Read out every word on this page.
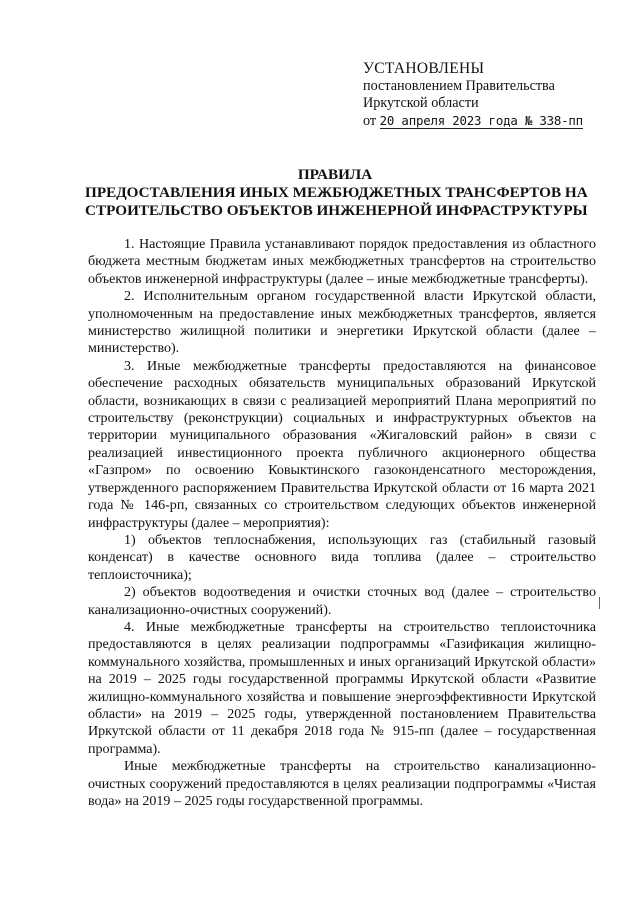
УСТАНОВЛЕНЫ
постановлением Правительства
Иркутской области
от 20 апреля 2023 года № 338-пп
ПРАВИЛА
ПРЕДОСТАВЛЕНИЯ ИНЫХ МЕЖБЮДЖЕТНЫХ ТРАНСФЕРТОВ НА
СТРОИТЕЛЬСТВО ОБЪЕКТОВ ИНЖЕНЕРНОЙ ИНФРАСТРУКТУРЫ

1. Настоящие Правила устанавливают порядок предоставления из областного бюджета местным бюджетам иных межбюджетных трансфертов на строительство объектов инженерной инфраструктуры (далее – иные межбюджетные трансферты).

2. Исполнительным органом государственной власти Иркутской области, уполномоченным на предоставление иных межбюджетных трансфертов, является министерство жилищной политики и энергетики Иркутской области (далее – министерство).

3. Иные межбюджетные трансферты предоставляются на финансовое обеспечение расходных обязательств муниципальных образований Иркутской области, возникающих в связи с реализацией мероприятий Плана мероприятий по строительству (реконструкции) социальных и инфраструктурных объектов на территории муниципального образования «Жигаловский район» в связи с реализацией инвестиционного проекта публичного акционерного общества «Газпром» по освоению Ковыктинского газоконденсатного месторождения, утвержденного распоряжением Правительства Иркутской области от 16 марта 2021 года № 146-рп, связанных со строительством следующих объектов инженерной инфраструктуры (далее – мероприятия):

1) объектов теплоснабжения, использующих газ (стабильный газовый конденсат) в качестве основного вида топлива (далее – строительство теплоисточника);

2) объектов водоотведения и очистки сточных вод (далее – строительство канализационно-очистных сооружений).

4. Иные межбюджетные трансферты на строительство теплоисточника предоставляются в целях реализации подпрограммы «Газификация жилищно-коммунального хозяйства, промышленных и иных организаций Иркутской области» на 2019 – 2025 годы государственной программы Иркутской области «Развитие жилищно-коммунального хозяйства и повышение энергоэффективности Иркутской области» на 2019 – 2025 годы, утвержденной постановлением Правительства Иркутской области от 11 декабря 2018 года № 915-пп (далее – государственная программа).

Иные межбюджетные трансферты на строительство канализационно-очистных сооружений предоставляются в целях реализации подпрограммы «Чистая вода» на 2019 – 2025 годы государственной программы.
